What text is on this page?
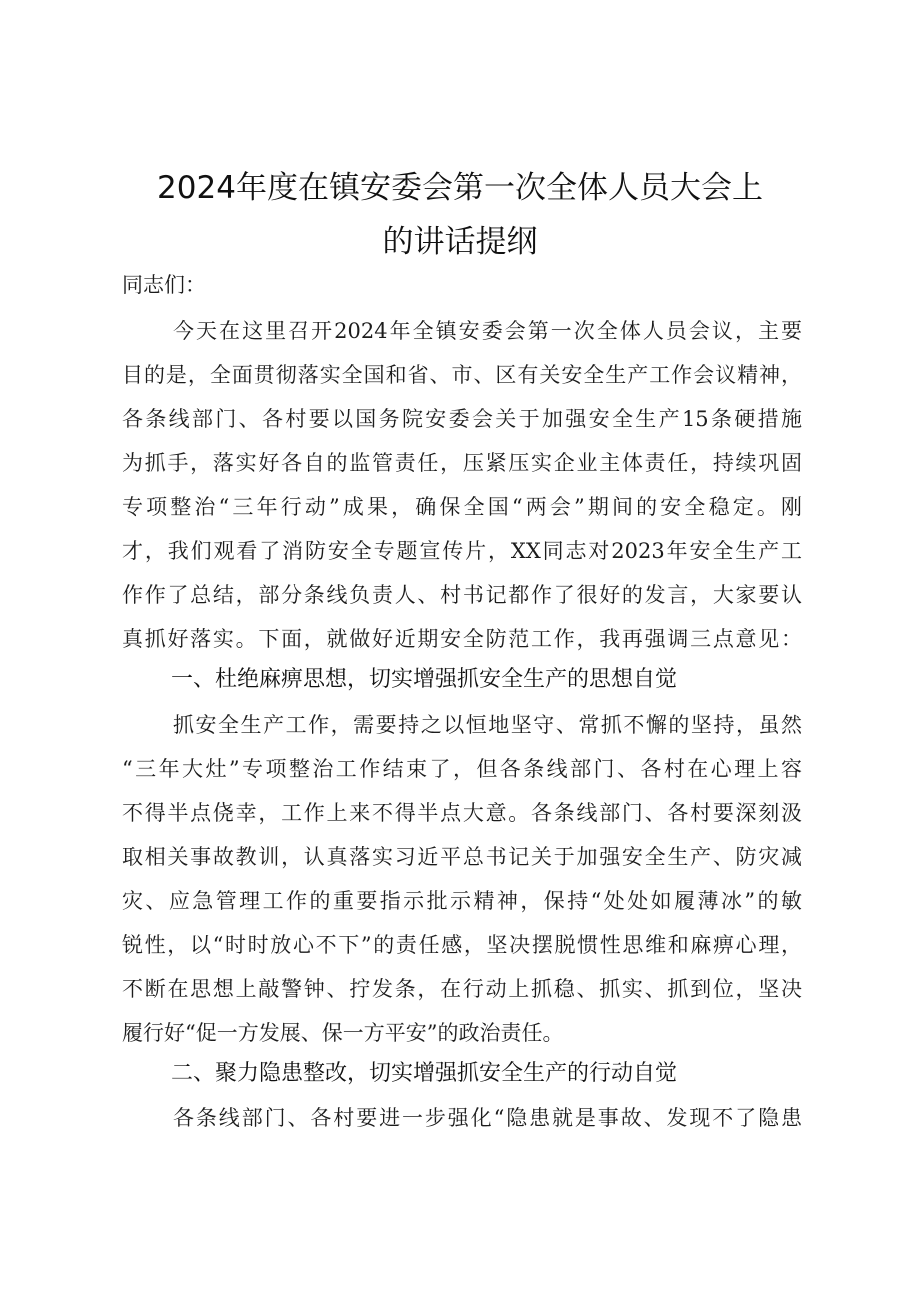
2024年度在镇安委会第一次全体人员大会上
的讲话提纲
同志们：
今天在这里召开2024年全镇安委会第一次全体人员会议，主要
目的是，全面贯彻落实全国和省、市、区有关安全生产工作会议精神，
各条线部门、各村要以国务院安委会关于加强安全生产15条硬措施
为抓手，落实好各自的监管责任，压紧压实企业主体责任，持续巩固
专项整治“三年行动”成果，确保全国“两会”期间的安全稳定。刚
才，我们观看了消防安全专题宣传片，XX同志对2023年安全生产工
作作了总结，部分条线负责人、村书记都作了很好的发言，大家要认
真抓好落实。下面，就做好近期安全防范工作，我再强调三点意见：
一、杜绝麻痹思想，切实增强抓安全生产的思想自觉
抓安全生产工作，需要持之以恒地坚守、常抓不懈的坚持，虽然
“三年大灶”专项整治工作结束了，但各条线部门、各村在心理上容
不得半点侥幸，工作上来不得半点大意。各条线部门、各村要深刻汲
取相关事故教训，认真落实习近平总书记关于加强安全生产、防灾减
灾、应急管理工作的重要指示批示精神，保持“处处如履薄冰”的敏
锐性，以“时时放心不下”的责任感，坚决摆脱惯性思维和麻痹心理，
不断在思想上敲警钟、拧发条，在行动上抓稳、抓实、抓到位，坚决
履行好“促一方发展、保一方平安”的政治责任。
二、聚力隐患整改，切实增强抓安全生产的行动自觉
各条线部门、各村要进一步强化“隐患就是事故、发现不了隐患
